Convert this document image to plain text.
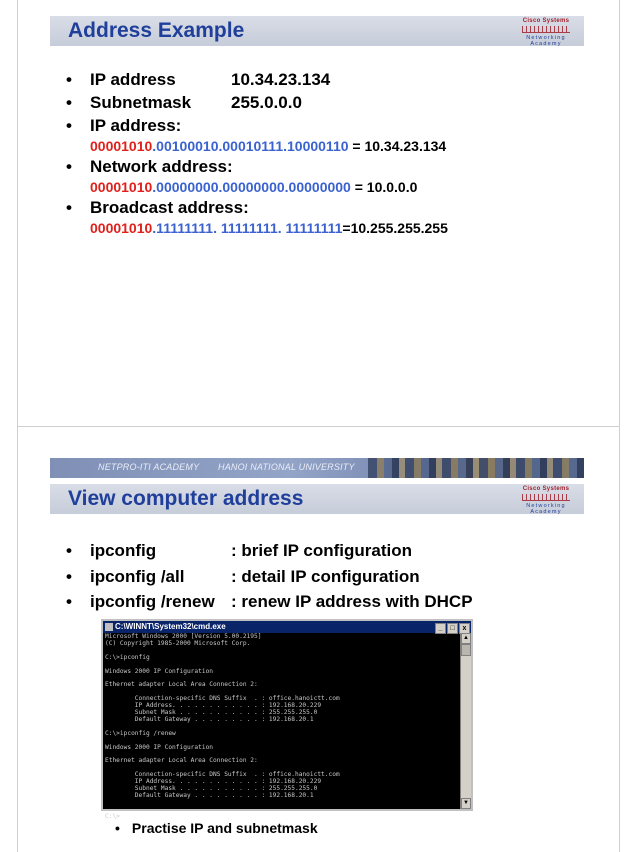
Address Example	Cisco Systems
Networking Academy
• IP address	10.34.23.134
• Subnetmask 255.0.0.0
• IP address:
00001010.00100010.00010111.10000110 = 10.34.23.134
• Network address:
00001010.00000000.00000000.00000000 = 10.0.0.0
• Broadcast address:
00001010.11111111. 11111111. 11111111=10.255.255.255
NETPRO-ITI ACADEMY HANOI NATIONAL UNIVERSITY
View computer address	Cisco Systems
Networking Academy
• ipconfig	: brief IP configuration
• ipconfig /all	: detail IP configuration
• ipconfig /renew : renew IP address with DHCP
C:\WINNT\System32\cmd.exe	_ □ x
Microsoft Windows 2000 [Version 5.00.2195]
(C) Copyright 1985-2000 Microsoft Corp.

C:\>ipconfig

Windows 2000 IP Configuration

Ethernet adapter Local Area Connection 2:

Connection-specific DNS Suffix  . : office.hanoictt.com
IP Address. . . . . . . . . . . . : 192.168.20.229
Subnet Mask . . . . . . . . . . . : 255.255.255.0
Default Gateway . . . . . . . . . : 192.168.20.1

C:\>ipconfig /renew

Windows 2000 IP Configuration

Ethernet adapter Local Area Connection 2:

Connection-specific DNS Suffix  . : office.hanoictt.com
IP Address. . . . . . . . . . . . : 192.168.20.229
Subnet Mask . . . . . . . . . . . : 255.255.255.0
Default Gateway . . . . . . . . . : 192.168.20.1

C:\>
▲
▼
• Practise IP and subnetmask
